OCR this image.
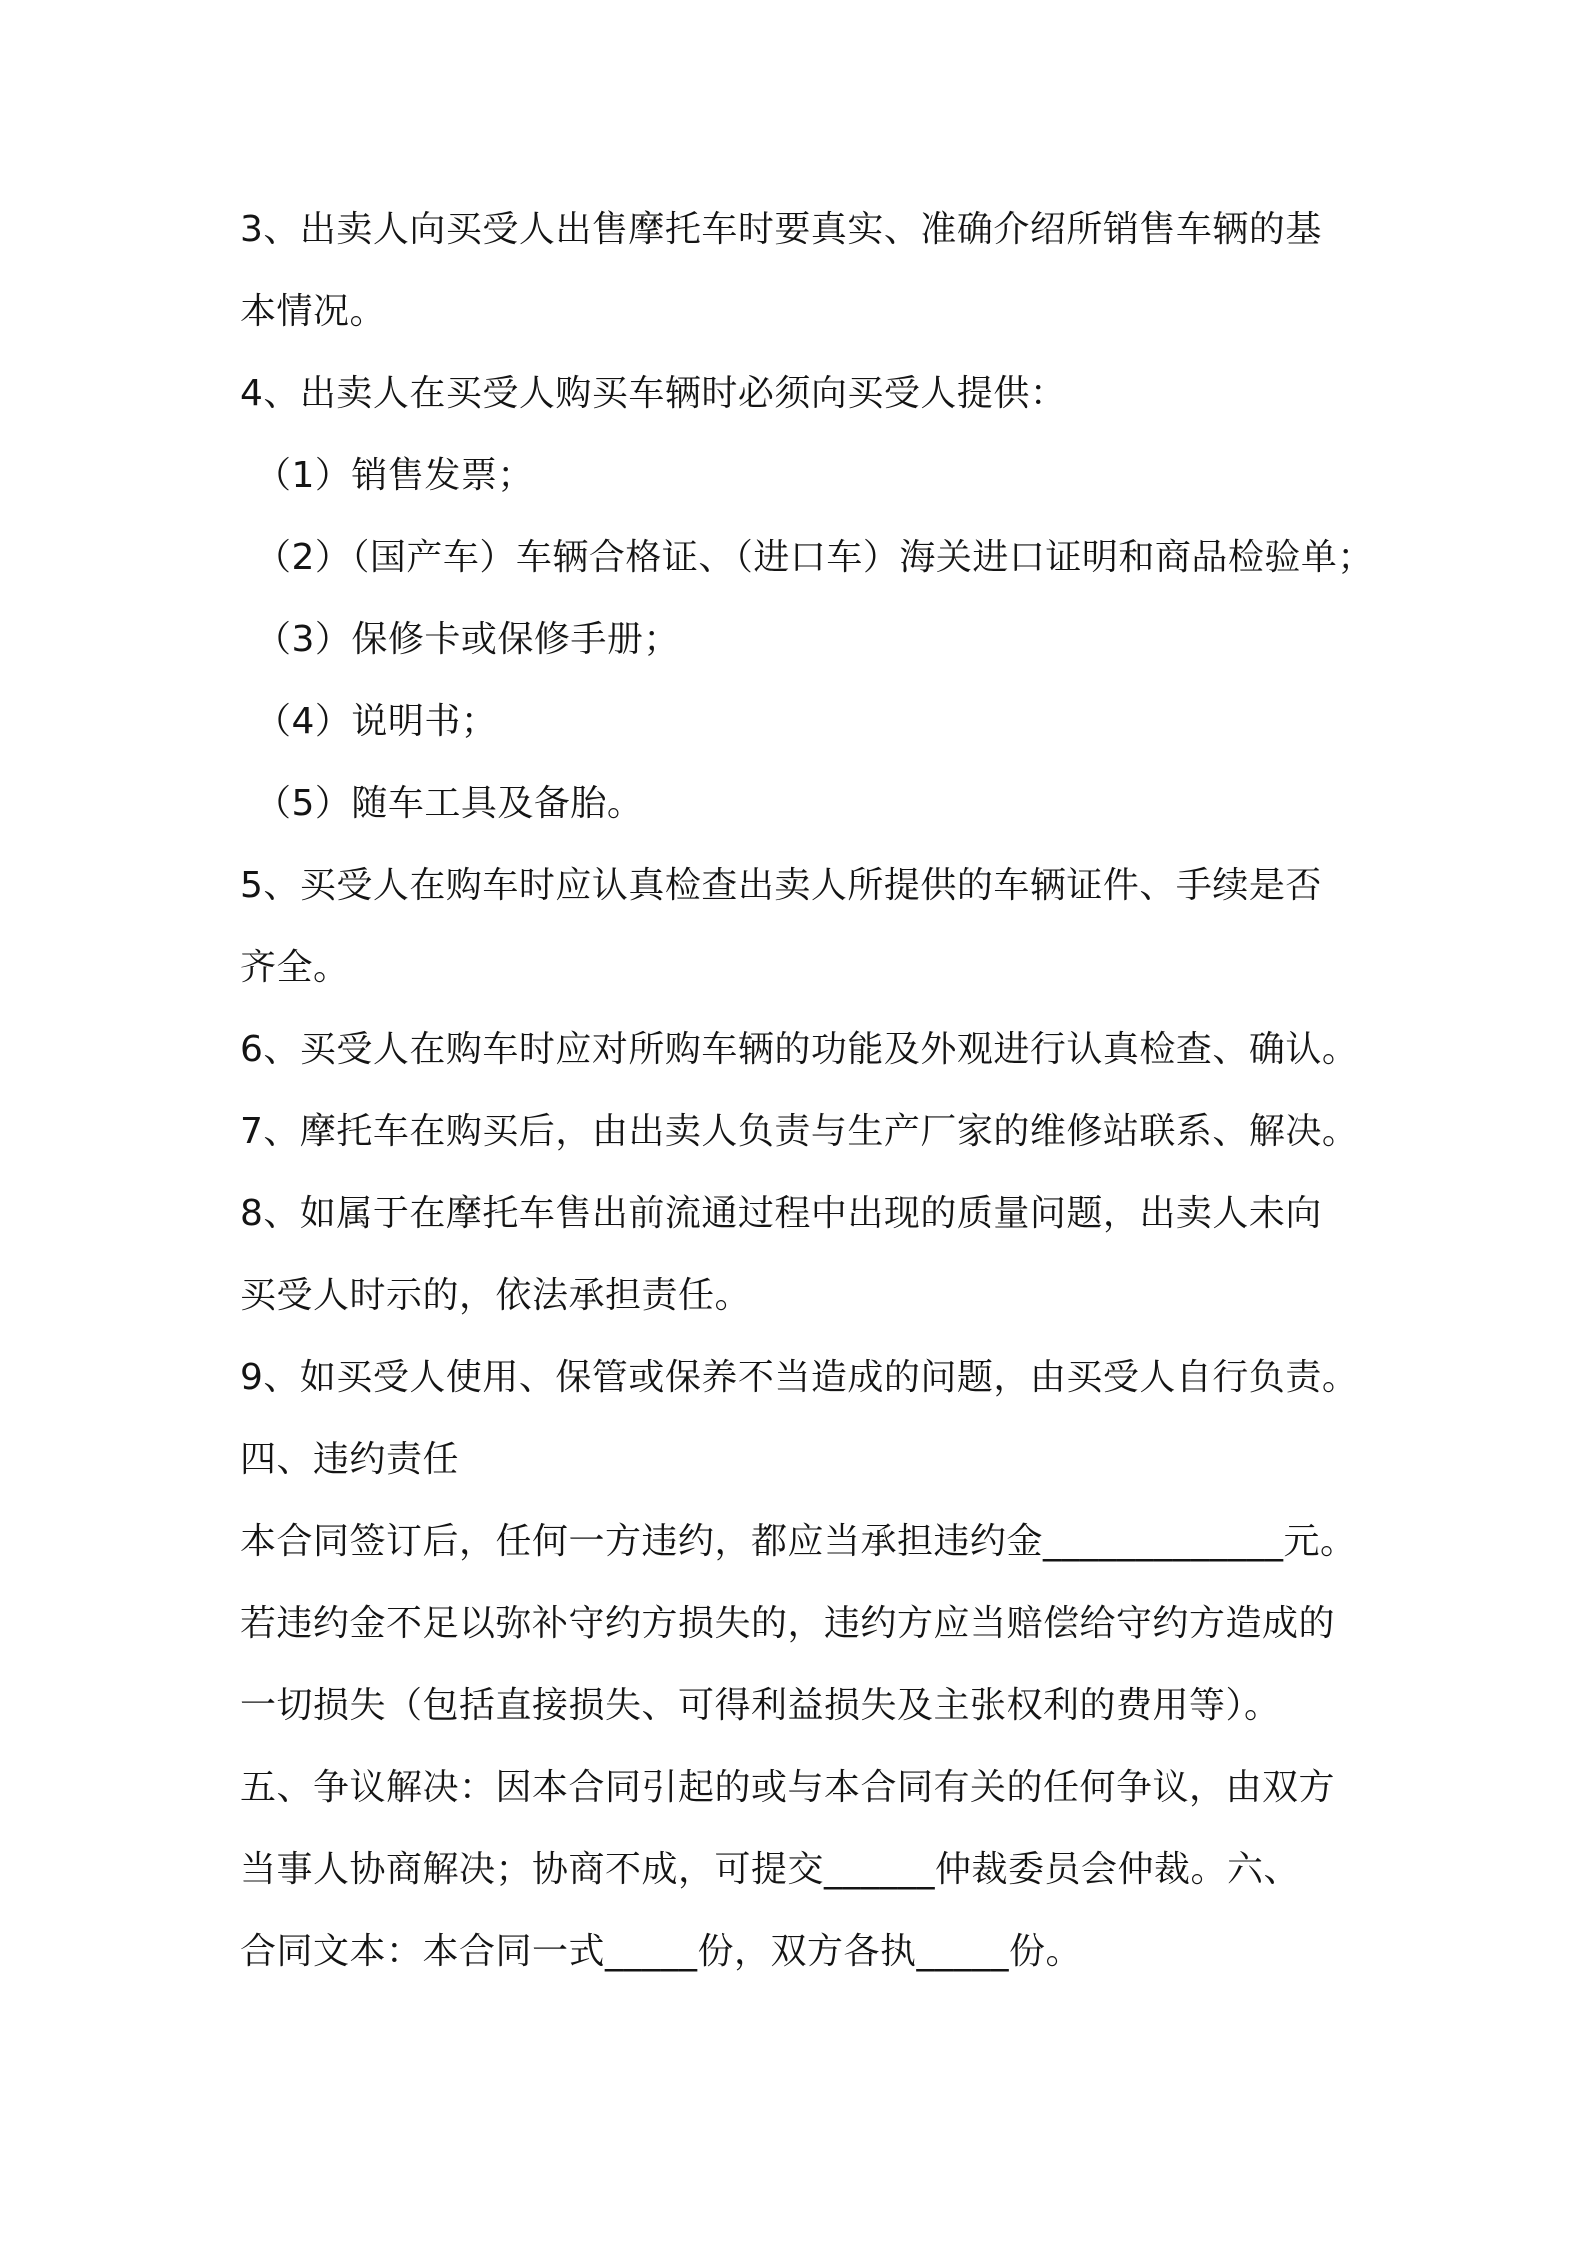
3、出卖人向买受人出售摩托车时要真实、准确介绍所销售车辆的基
本情况。
4、出卖人在买受人购买车辆时必须向买受人提供：
（1）销售发票；
（2）（国产车）车辆合格证、（进口车）海关进口证明和商品检验单；
（3）保修卡或保修手册；
（4）说明书；
（5）随车工具及备胎。
5、买受人在购车时应认真检查出卖人所提供的车辆证件、手续是否
齐全。
6、买受人在购车时应对所购车辆的功能及外观进行认真检查、确认。
7、摩托车在购买后，由出卖人负责与生产厂家的维修站联系、解决。
8、如属于在摩托车售出前流通过程中出现的质量问题，出卖人未向
买受人时示的，依法承担责任。
9、如买受人使用、保管或保养不当造成的问题，由买受人自行负责。
四、违约责任
本合同签订后，任何一方违约，都应当承担违约金_____________元。
若违约金不足以弥补守约方损失的，违约方应当赔偿给守约方造成的
一切损失（包括直接损失、可得利益损失及主张权利的费用等）。
五、争议解决：因本合同引起的或与本合同有关的任何争议，由双方
当事人协商解决；协商不成，可提交______仲裁委员会仲裁。六、
合同文本：本合同一式_____份，双方各执_____份。
